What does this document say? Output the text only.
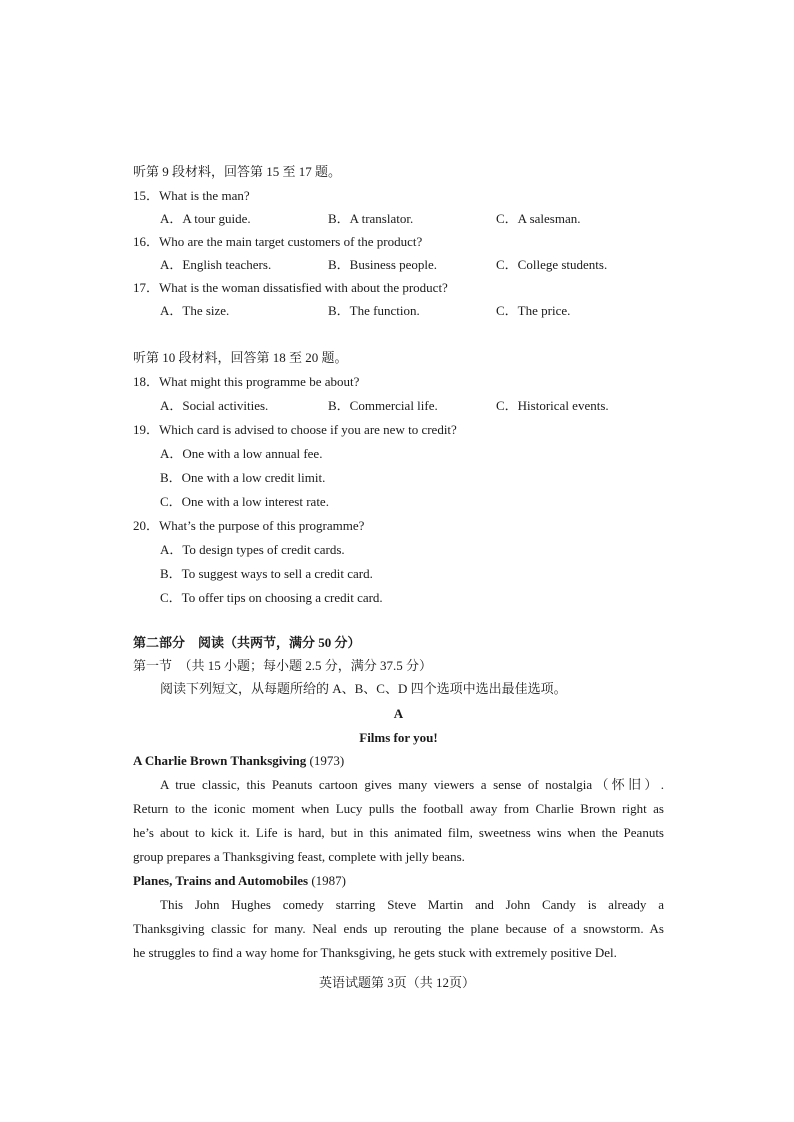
听第 9 段材料，回答第 15 至 17 题。
15．What is the man?
A．A tour guide.	B．A translator.	C．A salesman.
16．Who are the main target customers of the product?
A．English teachers.	B．Business people.	C．College students.
17．What is the woman dissatisfied with about the product?
A．The size.	B．The function.	C．The price.
听第 10 段材料，回答第 18 至 20 题。
18．What might this programme be about?
A．Social activities.	B．Commercial life.	C．Historical events.
19．Which card is advised to choose if you are new to credit?
A．One with a low annual fee.
B．One with a low credit limit.
C．One with a low interest rate.
20．What’s the purpose of this programme?
A．To design types of credit cards.
B．To suggest ways to sell a credit card.
C．To offer tips on choosing a credit card.
第二部分　阅读（共两节，满分 50 分）
第一节　（共 15 小题；每小题 2.5 分，满分 37.5 分）
阅读下列短文，从每题所给的 A、B、C、D 四个选项中选出最佳选项。
A
Films for you!
A Charlie Brown Thanksgiving (1973)
A true classic, this Peanuts cartoon gives many viewers a sense of nostalgia（怀旧）.
Return to the iconic moment when Lucy pulls the football away from Charlie Brown right as
he’s about to kick it. Life is hard, but in this animated film, sweetness wins when the Peanuts
group prepares a Thanksgiving feast, complete with jelly beans.
Planes, Trains and Automobiles (1987)
This John Hughes comedy starring Steve Martin and John Candy is already a
Thanksgiving classic for many. Neal ends up rerouting the plane because of a snowstorm. As
he struggles to find a way home for Thanksgiving, he gets stuck with extremely positive Del.
英语试题第 3页（共 12页）
